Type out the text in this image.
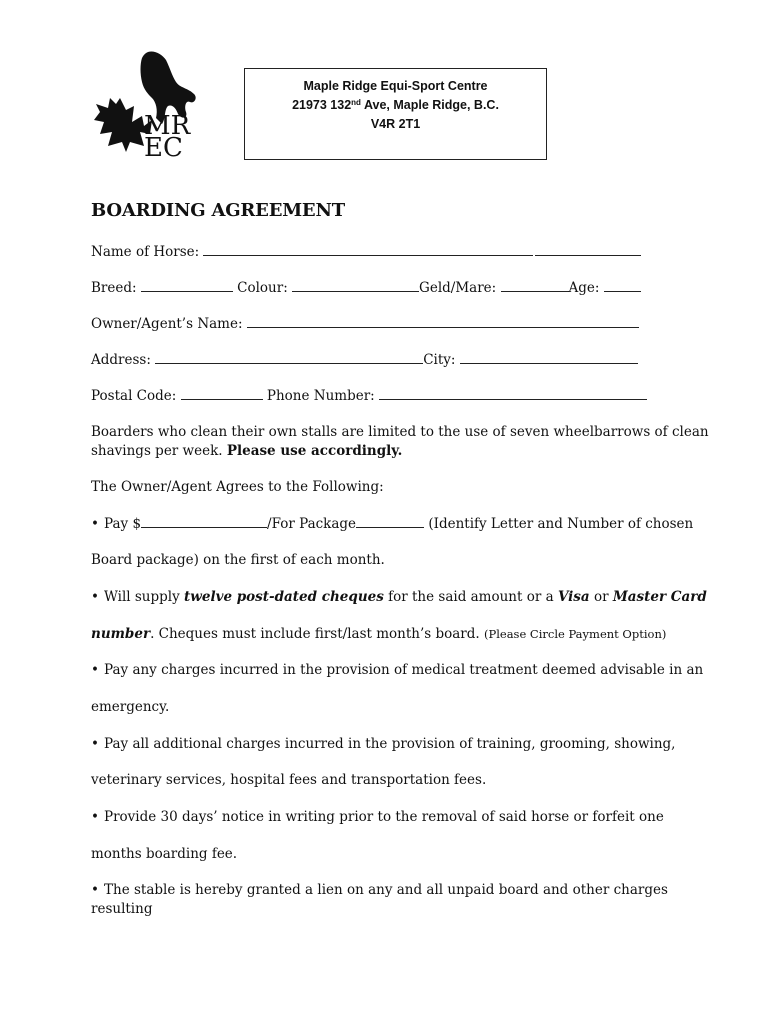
MR
EC
Maple Ridge Equi-Sport Centre
21973 132nd Ave, Maple Ridge, B.C.
V4R 2T1
BOARDING AGREEMENT
Name of Horse:
Breed:	Colour:	Geld/Mare:	Age:
Owner/Agent’s Name:
Address:	City:
Postal Code:	Phone Number:
Boarders who clean their own stalls are limited to the use of seven wheelbarrows of clean
shavings per week. Please use accordingly.
The Owner/Agent Agrees to the Following:
• Pay $	/For Package	(Identify Letter and Number of chosen
Board package) on the first of each month.
• Will supply twelve post-dated cheques for the said amount or a Visa or Master Card
number. Cheques must include first/last month’s board. (Please Circle Payment Option)
• Pay any charges incurred in the provision of medical treatment deemed advisable in an
emergency.
• Pay all additional charges incurred in the provision of training, grooming, showing,
veterinary services, hospital fees and transportation fees.
• Provide 30 days’ notice in writing prior to the removal of said horse or forfeit one
months boarding fee.
• The stable is hereby granted a lien on any and all unpaid board and other charges
resulting
